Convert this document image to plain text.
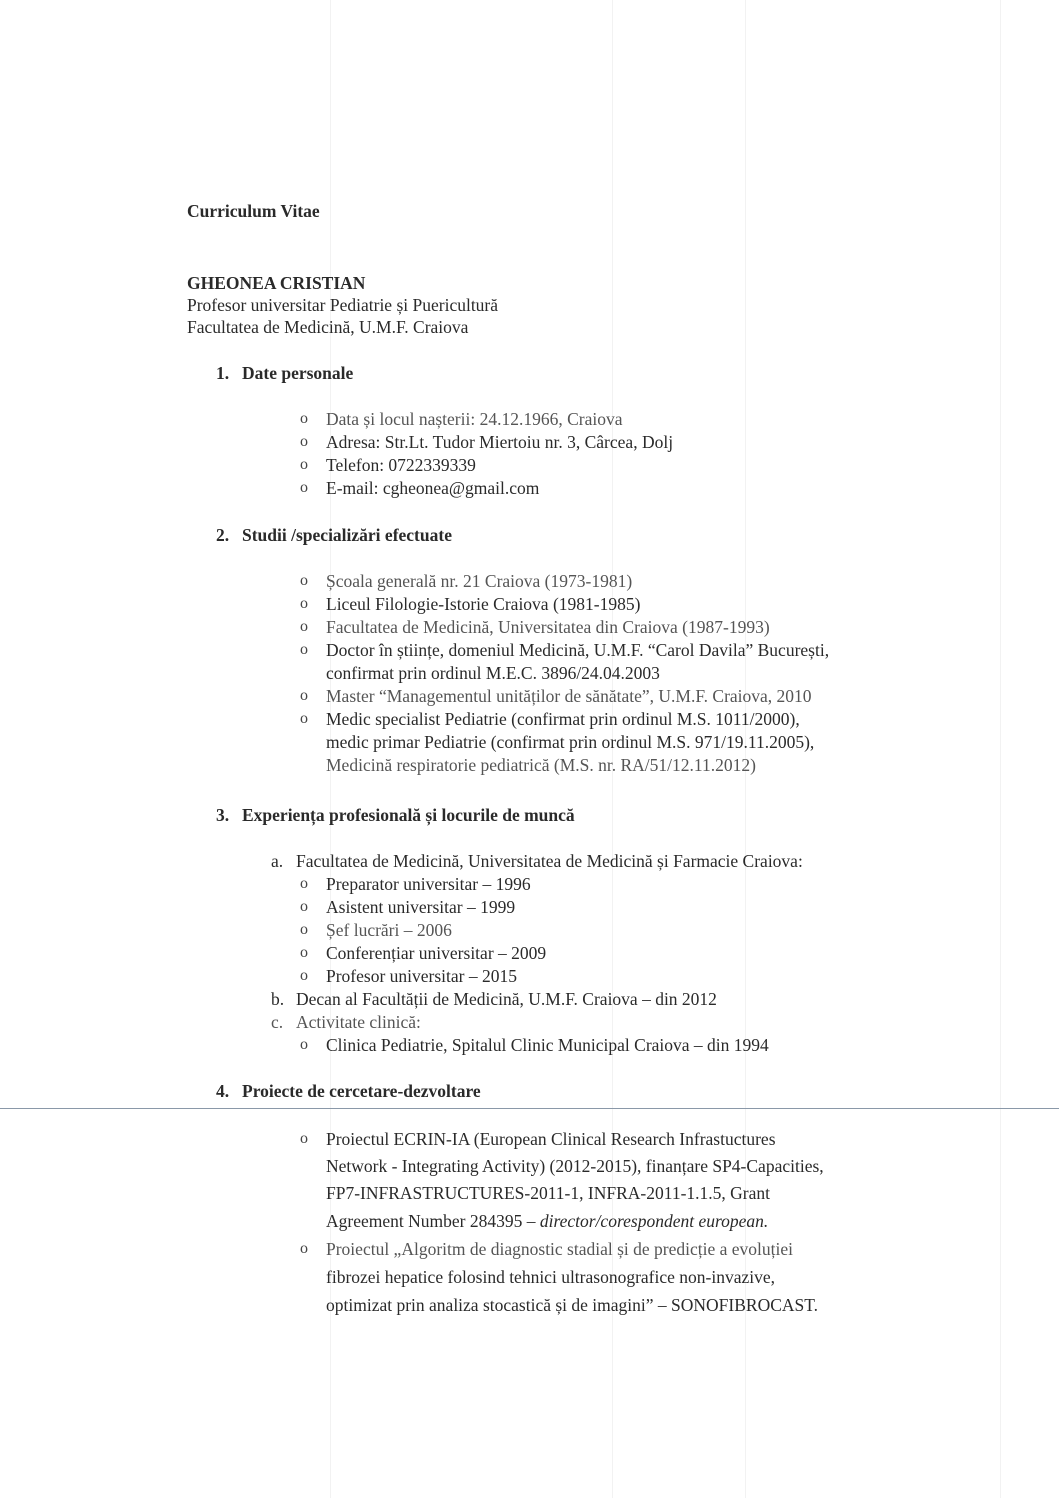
Curriculum Vitae
GHEONEA CRISTIAN
Profesor universitar Pediatrie și Puericultură
Facultatea de Medicină, U.M.F. Craiova
1. Date personale
o Data și locul nașterii: 24.12.1966, Craiova
o Adresa: Str.Lt. Tudor Miertoiu nr. 3, Cârcea, Dolj
o Telefon: 0722339339
o E-mail: cgheonea@gmail.com
2. Studii /specializări efectuate
o Școala generală nr. 21 Craiova (1973-1981)
o Liceul Filologie-Istorie Craiova (1981-1985)
o Facultatea de Medicină, Universitatea din Craiova (1987-1993)
o Doctor în științe, domeniul Medicină, U.M.F. “Carol Davila” București,
confirmat prin ordinul M.E.C. 3896/24.04.2003
o Master “Managementul unităților de sănătate”, U.M.F. Craiova, 2010
o Medic specialist Pediatrie (confirmat prin ordinul M.S. 1011/2000),
medic primar Pediatrie (confirmat prin ordinul M.S. 971/19.11.2005),
Medicină respiratorie pediatrică (M.S. nr. RA/51/12.11.2012)
3. Experiența profesională și locurile de muncă
a. Facultatea de Medicină, Universitatea de Medicină și Farmacie Craiova:
o Preparator universitar – 1996
o Asistent universitar – 1999
o Șef lucrări – 2006
o Conferențiar universitar – 2009
o Profesor universitar – 2015
b. Decan al Facultății de Medicină, U.M.F. Craiova – din 2012
c. Activitate clinică:
o Clinica Pediatrie, Spitalul Clinic Municipal Craiova – din 1994
4. Proiecte de cercetare-dezvoltare
o Proiectul ECRIN-IA (European Clinical Research Infrastuctures
Network - Integrating Activity) (2012-2015), finanțare SP4-Capacities,
FP7-INFRASTRUCTURES-2011-1, INFRA-2011-1.1.5, Grant
Agreement Number 284395 – director/corespondent european.
o Proiectul „Algoritm de diagnostic stadial și de predicție a evoluției
fibrozei hepatice folosind tehnici ultrasonografice non-invazive,
optimizat prin analiza stocastică și de imagini” – SONOFIBROCAST.
